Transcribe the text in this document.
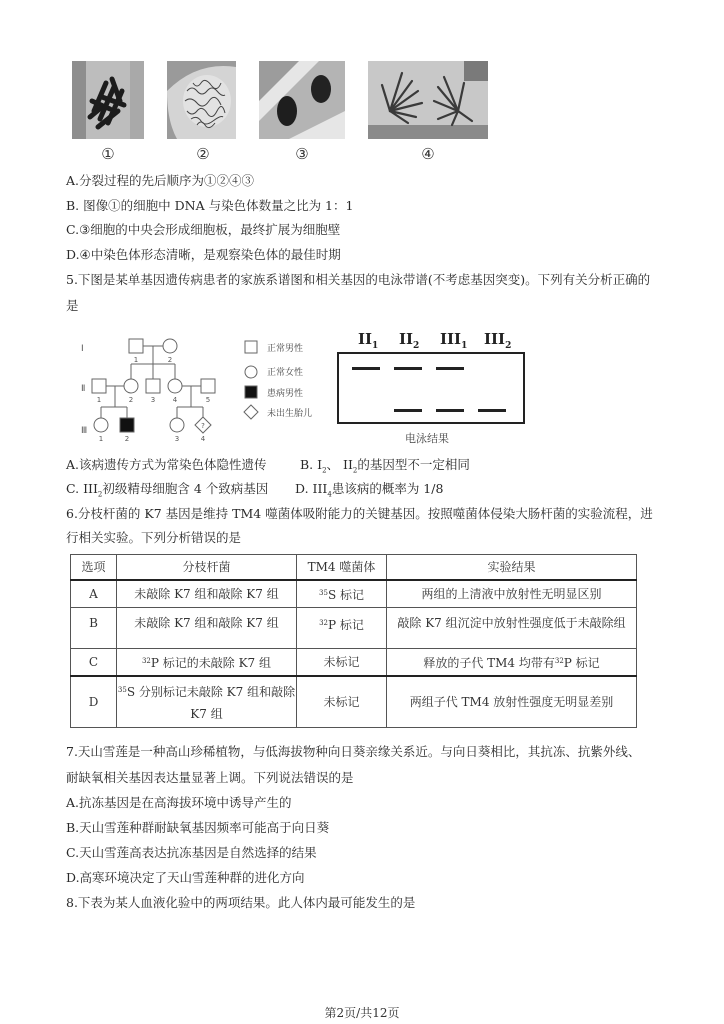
①	②	③	④
A.分裂过程的先后顺序为①②④③
B. 图像①的细胞中 DNA 与染色体数量之比为 1：1
C.③细胞的中央会形成细胞板，最终扩展为细胞壁
D.④中染色体形态清晰，是观察染色体的最佳时期
5.下图是某单基因遗传病患者的家族系谱图和相关基因的电泳带谱(不考虑基因突变)。下列有关分析正确的
是
Ⅰ
Ⅱ
Ⅲ	?
1	2
1	2	3	4	5
1	2	3	4
正常男性
正常女性
患病男性
未出生胎儿
$II_1$ $II_2$ $III_1$ $III_2$
电泳结果
A.该病遗传方式为常染色体隐性遗传	B. $I_2$、 $II_2$的基因型不一定相同
C. $III_2$初级精母细胞含 4 个致病基因 D. $III_4$患该病的概率为 1/8
6.分枝杆菌的 K7 基因是维持 TM4 噬菌体吸附能力的关键基因。按照噬菌体侵染大肠杆菌的实验流程，进
行相关实验。下列分析错误的是
选项	分枝杆菌	TM4 噬菌体	实验结果
A	未敲除 K7 组和敲除 K7 组	$^{35}$S 标记	两组的上清液中放射性无明显区别
B	未敲除 K7 组和敲除 K7 组	$^{32}$P 标记	敲除 K7 组沉淀中放射性强度低于未敲除组
C	$^{32}$P 标记的未敲除 K7 组	未标记	释放的子代 TM4 均带有$^{32}$P 标记
D	$^{35}$S 分别标记未敲除 K7 组和敲除
K7 组	未标记	两组子代 TM4 放射性强度无明显差别
7.天山雪莲是一种高山珍稀植物，与低海拔物种向日葵亲缘关系近。与向日葵相比，其抗冻、抗紫外线、
耐缺氧相关基因表达量显著上调。下列说法错误的是
A.抗冻基因是在高海拔环境中诱导产生的
B.天山雪莲种群耐缺氧基因频率可能高于向日葵
C.天山雪莲高表达抗冻基因是自然选择的结果
D.高寒环境决定了天山雪莲种群的进化方向
8.下表为某人血液化验中的两项结果。此人体内最可能发生的是
第2页/共12页
